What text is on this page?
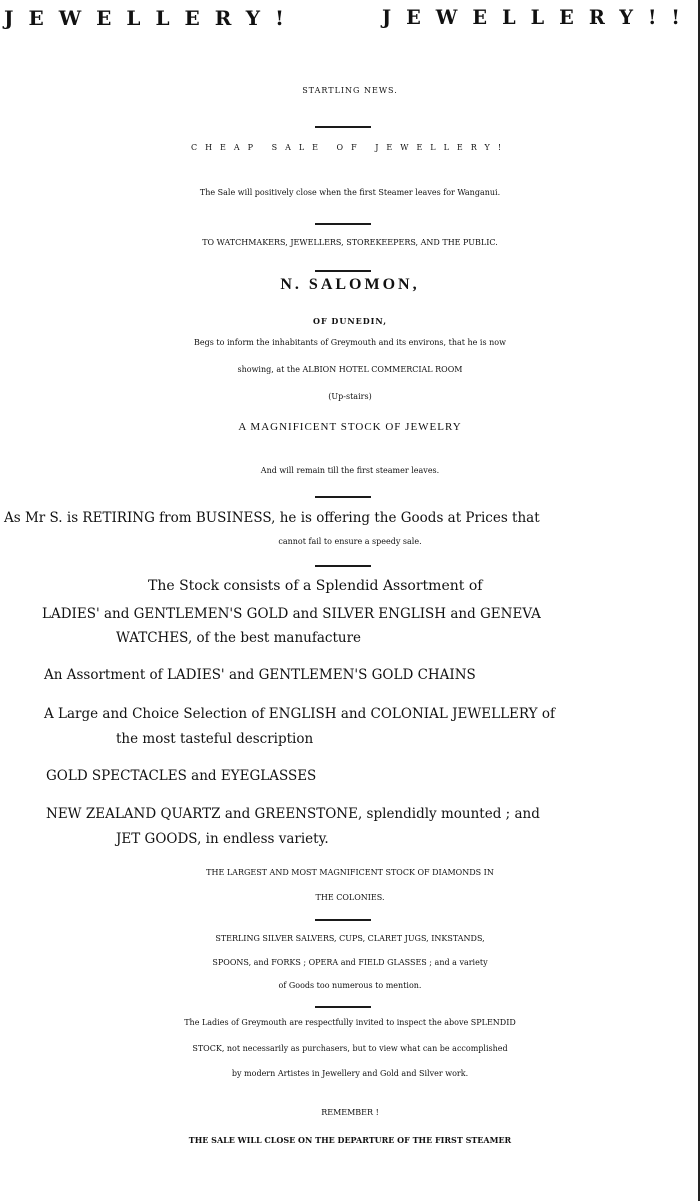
JEWELLERY!	JEWELLERY!!
STARTLING NEWS.
CHEAP SALE OF JEWELLERY!
The Sale will positively close when the first Steamer leaves for Wanganui.
TO WATCHMAKERS, JEWELLERS, STOREKEEPERS, AND THE PUBLIC.
N. SALOMON,
OF DUNEDIN,
Begs to inform the inhabitants of Greymouth and its environs, that he is now
showing, at the ALBION HOTEL COMMERCIAL ROOM
(Up-stairs)
A MAGNIFICENT STOCK OF JEWELRY
And will remain till the first steamer leaves.
As Mr S. is RETIRING from BUSINESS, he is offering the Goods at Prices that
cannot fail to ensure a speedy sale.
The Stock consists of a Splendid Assortment of
LADIES' and GENTLEMEN'S GOLD and SILVER ENGLISH and GENEVA
WATCHES, of the best manufacture
An Assortment of LADIES' and GENTLEMEN'S GOLD CHAINS
A Large and Choice Selection of ENGLISH and COLONIAL JEWELLERY of
the most tasteful description
GOLD SPECTACLES and EYEGLASSES
NEW ZEALAND QUARTZ and GREENSTONE, splendidly mounted ; and
JET GOODS, in endless variety.
THE LARGEST AND MOST MAGNIFICENT STOCK OF DIAMONDS IN
THE COLONIES.
STERLING SILVER SALVERS, CUPS, CLARET JUGS, INKSTANDS,
SPOONS, and FORKS ; OPERA and FIELD GLASSES ; and a variety
of Goods too numerous to mention.
The Ladies of Greymouth are respectfully invited to inspect the above SPLENDID
STOCK, not necessarily as purchasers, but to view what can be accomplished
by modern Artistes in Jewellery and Gold and Silver work.
REMEMBER !
THE SALE WILL CLOSE ON THE DEPARTURE OF THE FIRST STEAMER
